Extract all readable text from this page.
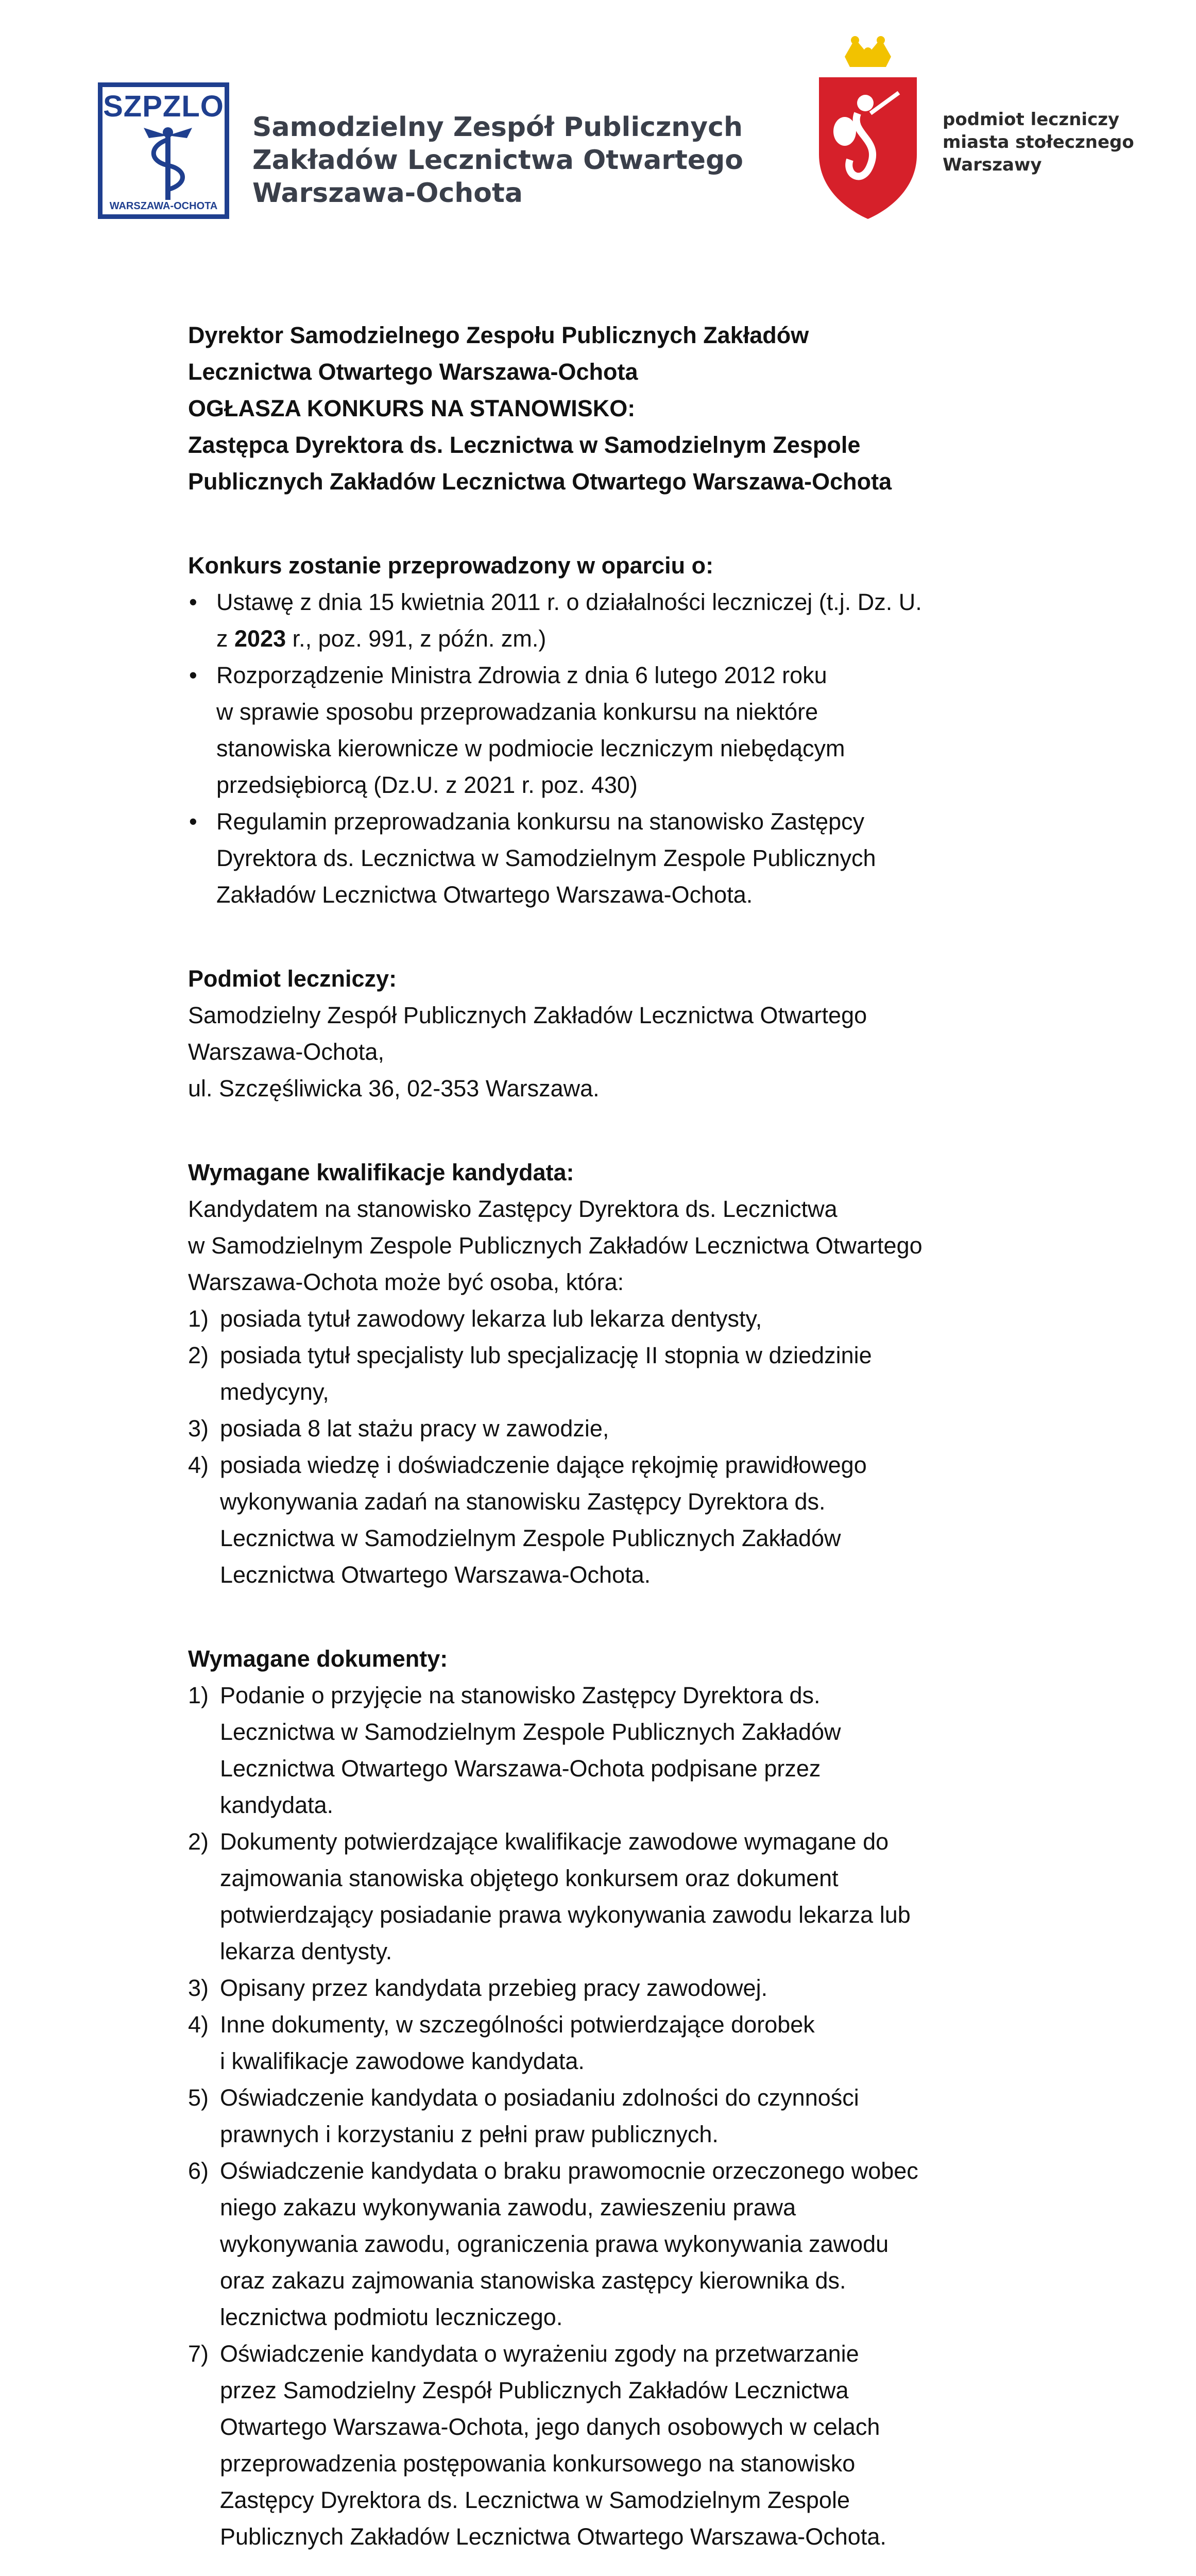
SZPZLO
WARSZAWA-OCHOTA
Samodzielny Zespół Publicznych
Zakładów Lecznictwa Otwartego
Warszawa-Ochota
podmiot leczniczy
miasta stołecznego
Warszawy

Dyrektor Samodzielnego Zespołu Publicznych Zakładów

Lecznictwa Otwartego Warszawa-Ochota

OGŁASZA KONKURS NA STANOWISKO:

Zastępca Dyrektora ds. Lecznictwa w Samodzielnym Zespole

Publicznych Zakładów Lecznictwa Otwartego Warszawa-Ochota

Konkurs zostanie przeprowadzony w oparciu o:

• Ustawę z dnia 15 kwietnia 2011 r. o działalności leczniczej (t.j. Dz. U.
z 2023 r., poz. 991, z późn. zm.)
• Rozporządzenie Ministra Zdrowia z dnia 6 lutego 2012 roku
w sprawie sposobu przeprowadzania konkursu na niektóre
stanowiska kierownicze w podmiocie leczniczym niebędącym
przedsiębiorcą (Dz.U. z 2021 r. poz. 430)
• Regulamin przeprowadzania konkursu na stanowisko Zastępcy
Dyrektora ds. Lecznictwa w Samodzielnym Zespole Publicznych
Zakładów Lecznictwa Otwartego Warszawa-Ochota.

Podmiot leczniczy:

Samodzielny Zespół Publicznych Zakładów Lecznictwa Otwartego

Warszawa-Ochota,

ul. Szczęśliwicka 36, 02-353 Warszawa.

Wymagane kwalifikacje kandydata:

Kandydatem na stanowisko Zastępcy Dyrektora ds. Lecznictwa

w Samodzielnym Zespole Publicznych Zakładów Lecznictwa Otwartego

Warszawa-Ochota może być osoba, która:

1) posiada tytuł zawodowy lekarza lub lekarza dentysty,
2) posiada tytuł specjalisty lub specjalizację II stopnia w dziedzinie
medycyny,
3) posiada 8 lat stażu pracy w zawodzie,
4) posiada wiedzę i doświadczenie dające rękojmię prawidłowego
wykonywania zadań na stanowisku Zastępcy Dyrektora ds.
Lecznictwa w Samodzielnym Zespole Publicznych Zakładów
Lecznictwa Otwartego Warszawa-Ochota.

Wymagane dokumenty:

1) Podanie o przyjęcie na stanowisko Zastępcy Dyrektora ds.
Lecznictwa w Samodzielnym Zespole Publicznych Zakładów
Lecznictwa Otwartego Warszawa-Ochota podpisane przez
kandydata.
2) Dokumenty potwierdzające kwalifikacje zawodowe wymagane do
zajmowania stanowiska objętego konkursem oraz dokument
potwierdzający posiadanie prawa wykonywania zawodu lekarza lub
lekarza dentysty.
3) Opisany przez kandydata przebieg pracy zawodowej.
4) Inne dokumenty, w szczególności potwierdzające dorobek
i kwalifikacje zawodowe kandydata.
5) Oświadczenie kandydata o posiadaniu zdolności do czynności
prawnych i korzystaniu z pełni praw publicznych.
6) Oświadczenie kandydata o braku prawomocnie orzeczonego wobec
niego zakazu wykonywania zawodu, zawieszeniu prawa
wykonywania zawodu, ograniczenia prawa wykonywania zawodu
oraz zakazu zajmowania stanowiska zastępcy kierownika ds.
lecznictwa podmiotu leczniczego.
7) Oświadczenie kandydata o wyrażeniu zgody na przetwarzanie
przez Samodzielny Zespół Publicznych Zakładów Lecznictwa
Otwartego Warszawa-Ochota, jego danych osobowych w celach
przeprowadzenia postępowania konkursowego na stanowisko
Zastępcy Dyrektora ds. Lecznictwa w Samodzielnym Zespole
Publicznych Zakładów Lecznictwa Otwartego Warszawa-Ochota.
